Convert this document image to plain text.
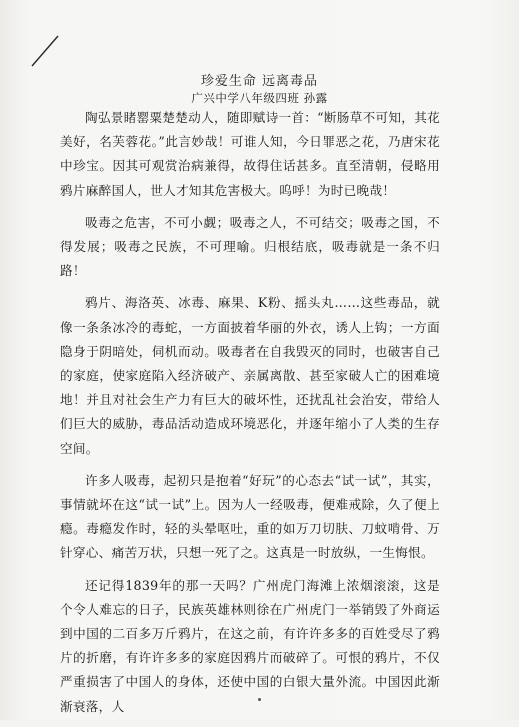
珍爱生命 远离毒品
广兴中学八年级四班 孙露

陶弘景睹罂粟楚楚动人，随即赋诗一首：“断肠草不可知，其花美好，名芙蓉花。”此言妙哉！可谁人知，今日罪恶之花，乃唐宋花中珍宝。因其可观赏治病兼得，故得住话甚多。直至清朝，侵略用鸦片麻醉国人，世人才知其危害极大。呜呼！为时已晚哉！

吸毒之危害，不可小觑；吸毒之人，不可结交；吸毒之国，不得发展；吸毒之民族，不可理喻。归根结底，吸毒就是一条不归路！

鸦片、海洛英、冰毒、麻果、K粉、摇头丸……这些毒品，就像一条条冰冷的毒蛇，一方面披着华丽的外衣，诱人上钩；一方面隐身于阴暗处，伺机而动。吸毒者在自我毁灭的同时，也破害自己的家庭，使家庭陷入经济破产、亲属离散、甚至家破人亡的困难境地！并且对社会生产力有巨大的破坏性，还扰乱社会治安，带给人们巨大的威胁，毒品活动造成环境恶化，并逐年缩小了人类的生存空间。

许多人吸毒，起初只是抱着“好玩”的心态去“试一试”，其实，事情就坏在这“试一试”上。因为人一经吸毒，便难戒除，久了便上瘾。毒瘾发作时，轻的头晕呕吐，重的如万刀切肤、刀蚊啃骨、万针穿心、痛苦万状，只想一死了之。这真是一时放纵，一生悔恨。

还记得1839年的那一天吗？广州虎门海滩上浓烟滚滚，这是个令人难忘的日子，民族英雄林则徐在广州虎门一举销毁了外商运到中国的二百多万斤鸦片，在这之前，有许许多多的百姓受尽了鸦片的折磨，有许许多多的家庭因鸦片而破碎了。可恨的鸦片，不仅严重损害了中国人的身体，还使中国的白银大量外流。中国因此渐渐衰落，人
